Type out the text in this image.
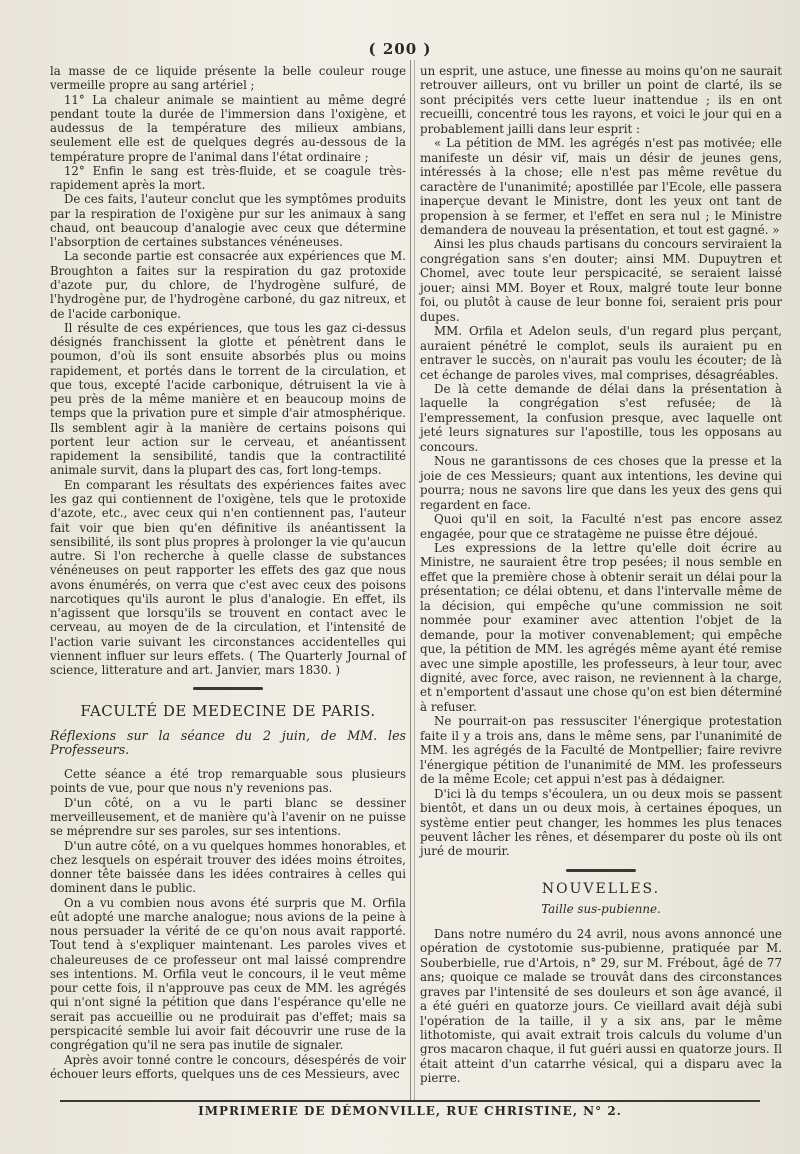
( 200 )

la masse de ce liquide présente la belle couleur rouge vermeille propre au sang artériel ;

11° La chaleur animale se maintient au même degré pendant toute la durée de l'immersion dans l'oxigène, et audessus de la température des milieux ambians, seulement elle est de quelques degrés au-dessous de la température propre de l'animal dans l'état ordinaire ;

12° Enfin le sang est très-fluide, et se coagule très-rapidement après la mort.

De ces faits, l'auteur conclut que les symptômes produits par la respiration de l'oxigène pur sur les animaux à sang chaud, ont beaucoup d'analogie avec ceux que détermine l'absorption de certaines substances vénéneuses.

La seconde partie est consacrée aux expériences que M. Broughton a faites sur la respiration du gaz protoxide d'azote pur, du chlore, de l'hydrogène sulfuré, de l'hydrogène pur, de l'hydrogène carboné, du gaz nitreux, et de l'acide carbonique.

Il résulte de ces expériences, que tous les gaz ci-dessus désignés franchissent la glotte et pénètrent dans le poumon, d'où ils sont ensuite absorbés plus ou moins rapidement, et portés dans le torrent de la circulation, et que tous, excepté l'acide carbonique, détruisent la vie à peu près de la même manière et en beaucoup moins de temps que la privation pure et simple d'air atmosphérique. Ils semblent agir à la manière de certains poisons qui portent leur action sur le cerveau, et anéantissent rapidement la sensibilité, tandis que la contractilité animale survit, dans la plupart des cas, fort long-temps.

En comparant les résultats des expériences faites avec les gaz qui contiennent de l'oxigène, tels que le protoxide d'azote, etc., avec ceux qui n'en contiennent pas, l'auteur fait voir que bien qu'en définitive ils anéantissent la sensibilité, ils sont plus propres à prolonger la vie qu'aucun autre. Si l'on recherche à quelle classe de substances vénéneuses on peut rapporter les effets des gaz que nous avons énumérés, on verra que c'est avec ceux des poisons narcotiques qu'ils auront le plus d'analogie. En effet, ils n'agissent que lorsqu'ils se trouvent en contact avec le cerveau, au moyen de de la circulation, et l'intensité de l'action varie suivant les circonstances accidentelles qui viennent influer sur leurs effets. ( The Quarterly Journal of science, litterature and art. Janvier, mars 1830. )

FACULTÉ DE MEDECINE DE PARIS.

Réflexions sur la séance du 2 juin, de MM. les Professeurs.

Cette séance a été trop remarquable sous plusieurs points de vue, pour que nous n'y revenions pas.

D'un côté, on a vu le parti blanc se dessiner merveilleusement, et de manière qu'à l'avenir on ne puisse se méprendre sur ses paroles, sur ses intentions.

D'un autre côté, on a vu quelques hommes honorables, et chez lesquels on espérait trouver des idées moins étroites, donner tête baissée dans les idées contraires à celles qui dominent dans le public.

On a vu combien nous avons été surpris que M. Orfila eût adopté une marche analogue; nous avions de la peine à nous persuader la vérité de ce qu'on nous avait rapporté. Tout tend à s'expliquer maintenant. Les paroles vives et chaleureuses de ce professeur ont mal laissé comprendre ses intentions. M. Orfila veut le concours, il le veut même pour cette fois, il n'approuve pas ceux de MM. les agrégés qui n'ont signé la pétition que dans l'espérance qu'elle ne serait pas accueillie ou ne produirait pas d'effet; mais sa perspicacité semble lui avoir fait découvrir une ruse de la congrégation qu'il ne sera pas inutile de signaler.

Après avoir tonné contre le concours, désespérés de voir échouer leurs efforts, quelques uns de ces Messieurs, avec

un esprit, une astuce, une finesse au moins qu'on ne saurait retrouver ailleurs, ont vu briller un point de clarté, ils se sont précipités vers cette lueur inattendue ; ils en ont recueilli, concentré tous les rayons, et voici le jour qui en a probablement jailli dans leur esprit :

« La pétition de MM. les agrégés n'est pas motivée; elle manifeste un désir vif, mais un désir de jeunes gens, intéressés à la chose; elle n'est pas même revêtue du caractère de l'unanimité; apostillée par l'Ecole, elle passera inaperçue devant le Ministre, dont les yeux ont tant de propension à se fermer, et l'effet en sera nul ; le Ministre demandera de nouveau la présentation, et tout est gagné. »

Ainsi les plus chauds partisans du concours serviraient la congrégation sans s'en douter; ainsi MM. Dupuytren et Chomel, avec toute leur perspicacité, se seraient laissé jouer; ainsi MM. Boyer et Roux, malgré toute leur bonne foi, ou plutôt à cause de leur bonne foi, seraient pris pour dupes.

MM. Orfila et Adelon seuls, d'un regard plus perçant, auraient pénétré le complot, seuls ils auraient pu en entraver le succès, on n'aurait pas voulu les écouter; de là cet échange de paroles vives, mal comprises, désagréables.

De là cette demande de délai dans la présentation à laquelle la congrégation s'est refusée; de là l'empressement, la confusion presque, avec laquelle ont jeté leurs signatures sur l'apostille, tous les opposans au concours.

Nous ne garantissons de ces choses que la presse et la joie de ces Messieurs; quant aux intentions, les devine qui pourra; nous ne savons lire que dans les yeux des gens qui regardent en face.

Quoi qu'il en soit, la Faculté n'est pas encore assez engagée, pour que ce stratagème ne puisse être déjoué.

Les expressions de la lettre qu'elle doit écrire au Ministre, ne sauraient être trop pesées; il nous semble en effet que la première chose à obtenir serait un délai pour la présentation; ce délai obtenu, et dans l'intervalle même de la décision, qui empêche qu'une commission ne soit nommée pour examiner avec attention l'objet de la demande, pour la motiver convenablement; qui empêche que, la pétition de MM. les agrégés même ayant été remise avec une simple apostille, les professeurs, à leur tour, avec dignité, avec force, avec raison, ne reviennent à la charge, et n'emportent d'assaut une chose qu'on est bien déterminé à refuser.

Ne pourrait-on pas ressusciter l'énergique protestation faite il y a trois ans, dans le même sens, par l'unanimité de MM. les agrégés de la Faculté de Montpellier; faire revivre l'énergique pétition de l'unanimité de MM. les professeurs de la même Ecole; cet appui n'est pas à dédaigner.

D'ici là du temps s'écoulera, un ou deux mois se passent bientôt, et dans un ou deux mois, à certaines époques, un système entier peut changer, les hommes les plus tenaces peuvent lâcher les rênes, et désemparer du poste où ils ont juré de mourir.

NOUVELLES.
Taille sus-pubienne.

Dans notre numéro du 24 avril, nous avons annoncé une opération de cystotomie sus-pubienne, pratiquée par M. Souberbielle, rue d'Artois, n° 29, sur M. Frébout, âgé de 77 ans; quoique ce malade se trouvât dans des circonstances graves par l'intensité de ses douleurs et son âge avancé, il a été guéri en quatorze jours. Ce vieillard avait déjà subi l'opération de la taille, il y a six ans, par le même lithotomiste, qui avait extrait trois calculs du volume d'un gros macaron chaque, il fut guéri aussi en quatorze jours. Il était atteint d'un catarrhe vésical, qui a disparu avec la pierre.

IMPRIMERIE DE DÉMONVILLE, RUE CHRISTINE, N° 2.
